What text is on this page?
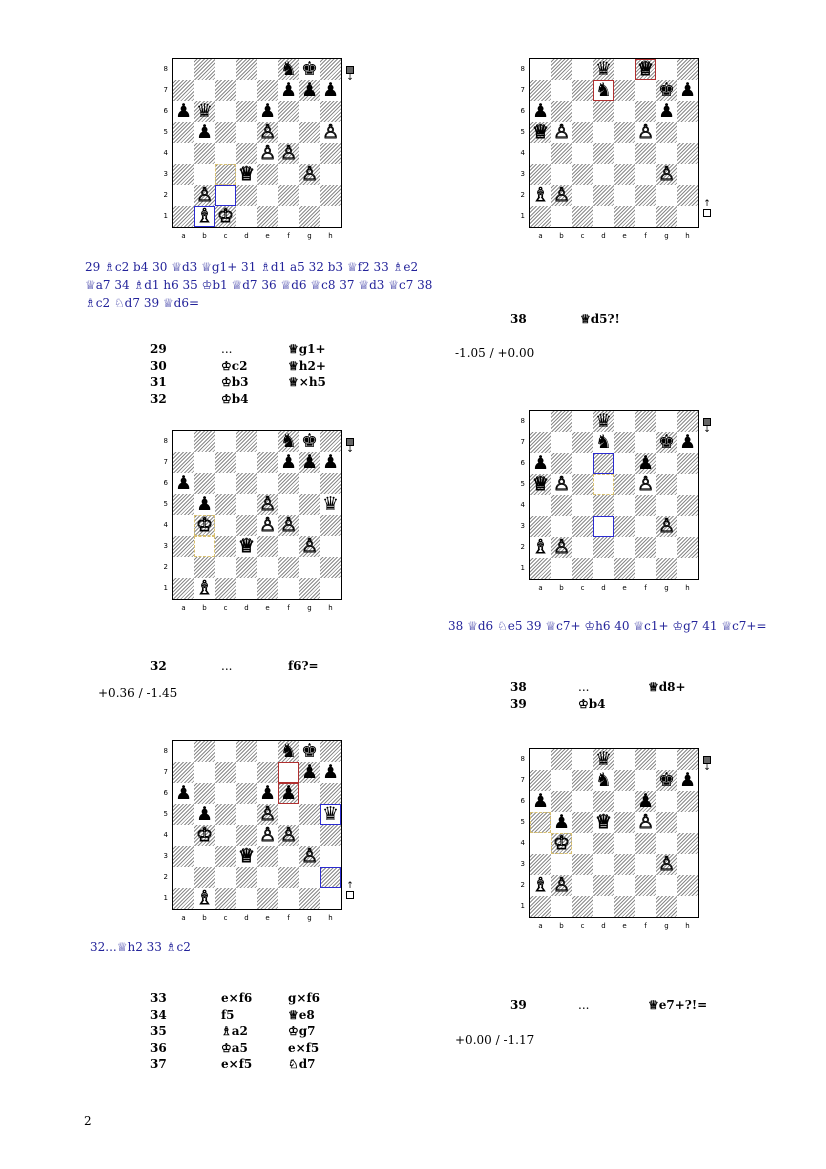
♞ ♚
♟ ♟ ♟
♟ ♛ ♟
♟ ♙ ♙
♙ ♙
♕ ♙
♙
♗ ♔
8
7
6
5
4
3
2
1
a	b	c	d	e	f	g	h
↓
♞ ♚
♟ ♟ ♟
♟
♟ ♙ ♛
♔ ♙ ♙
♕ ♙
♗
8
7
6
5
4
3
2
1
a	b	c	d	e	f	g	h
↓
♞ ♚
♟ ♟
♟	♟ ♟
♟ ♙ ♛
♔ ♙ ♙
♕ ♙
♗
8
7
6
5
4
3
2
1
a	b	c	d	e	f	g	h
↑
♛ ♕
♞ ♚ ♟
♟	♟
♕ ♙	♙
♙
♗ ♙
8
7
6
5
4
3
2
1
a	b	c	d	e	f	g	h
↑
♛
♞ ♚ ♟
♟	♟
♕ ♙	♙
♙
♗ ♙
8
7
6
5
4
3
2
1
a	b	c	d	e	f	g	h
↓
♛
♞ ♚ ♟
♟	♟
♟ ♕ ♙
♔
♙
♗ ♙
8
7
6
5
4
3
2
1
a	b	c	d	e	f	g	h
↓
29 ♗c2 b4 30 ♕d3 ♕g1+ 31 ♗d1 a5 32 b3 ♕f2 33 ♗e2 ♕a7 34 ♗d1 h6 35 ♔b1 ♕d7 36 ♕d6 ♕c8 37 ♕d3 ♕c7 38 ♗c2 ♘d7 39 ♕d6=
29	...	♕g1+
30	♔c2	♕h2+
31	♔b3	♕×h5
32	♔b4
32	...	f6?=
+0.36 / -1.45
32...♕h2 33 ♗c2
33	e×f6	g×f6
34	f5	♕e8
35	♗a2	♔g7
36	♔a5	e×f5
37	e×f5	♘d7
38	♕d5?!
-1.05 / +0.00
38 ♕d6 ♘e5 39 ♕c7+ ♔h6 40 ♕c1+ ♔g7 41 ♕c7+=
38	...	♕d8+
39	♔b4
39	...	♕e7+?!=
+0.00 / -1.17
2
